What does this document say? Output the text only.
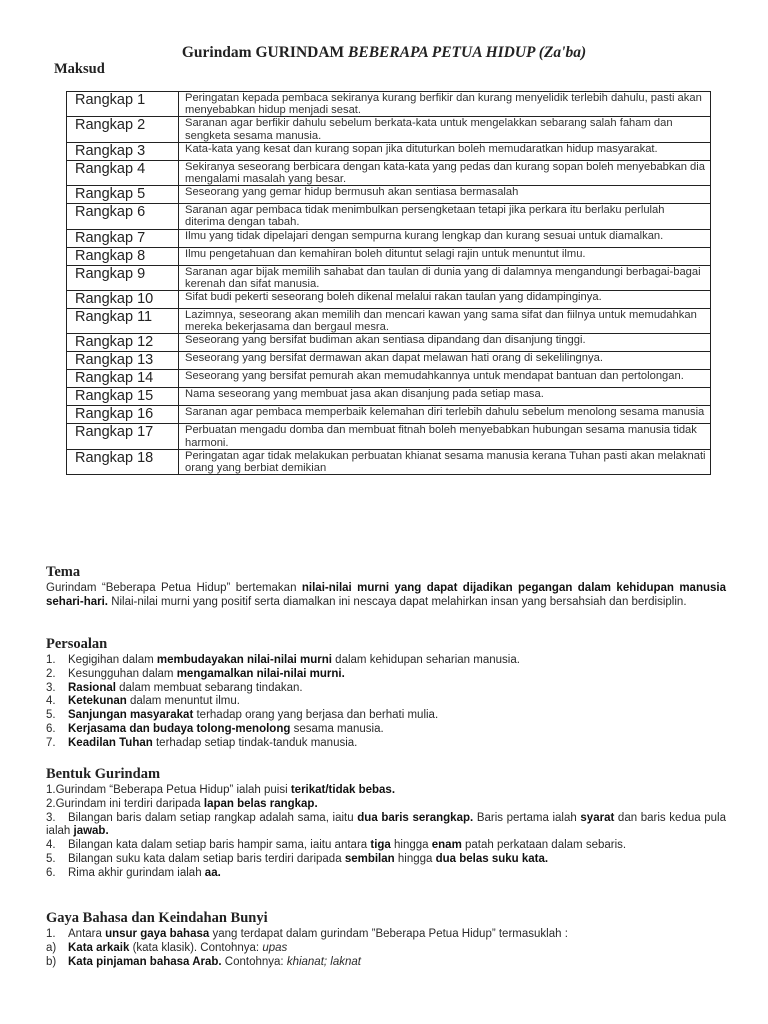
Gurindam GURINDAM BEBERAPA PETUA HIDUP (Za'ba)
Maksud
Rangkap 1	Peringatan kepada pembaca sekiranya kurang berfikir dan kurang menyelidik terlebih dahulu, pasti akan menyebabkan hidup menjadi sesat.
Rangkap 2	Saranan agar berfikir dahulu sebelum berkata-kata untuk mengelakkan sebarang salah faham dan sengketa sesama manusia.
Rangkap 3	Kata-kata yang kesat dan kurang sopan jika dituturkan boleh memudaratkan hidup masyarakat.
Rangkap 4	Sekiranya seseorang berbicara dengan kata-kata yang pedas dan kurang sopan boleh menyebabkan dia mengalami masalah yang besar.
Rangkap 5	Seseorang yang gemar hidup bermusuh akan sentiasa bermasalah
Rangkap 6	Saranan agar pembaca tidak menimbulkan persengketaan tetapi jika perkara itu berlaku perlulah diterima dengan tabah.
Rangkap 7	Ilmu yang tidak dipelajari dengan sempurna kurang lengkap dan kurang sesuai untuk diamalkan.
Rangkap 8	Ilmu pengetahuan dan kemahiran boleh dituntut selagi rajin untuk menuntut ilmu.
Rangkap 9	Saranan agar bijak memilih sahabat dan taulan di dunia yang di dalamnya mengandungi berbagai-bagai kerenah dan sifat manusia.
Rangkap 10	Sifat budi pekerti seseorang boleh dikenal melalui rakan taulan yang didampinginya.
Rangkap 11	Lazimnya, seseorang akan memilih dan mencari kawan yang sama sifat dan fiilnya untuk memudahkan mereka bekerjasama dan bergaul mesra.
Rangkap 12	Seseorang yang bersifat budiman akan sentiasa dipandang dan disanjung tinggi.
Rangkap 13	Seseorang yang bersifat dermawan akan dapat melawan hati orang di sekelilingnya.
Rangkap 14	Seseorang yang bersifat pemurah akan memudahkannya untuk mendapat bantuan dan pertolongan.
Rangkap 15	Nama seseorang yang membuat jasa akan disanjung pada setiap masa.
Rangkap 16	Saranan agar pembaca memperbaik kelemahan diri terlebih dahulu sebelum menolong sesama manusia
Rangkap 17	Perbuatan mengadu domba dan membuat fitnah boleh menyebabkan hubungan sesama manusia tidak harmoni.
Rangkap 18	Peringatan agar tidak melakukan perbuatan khianat sesama manusia kerana Tuhan pasti akan melaknati orang yang berbiat demikian
Tema

Gurindam “Beberapa Petua Hidup” bertemakan nilai-nilai murni yang dapat dijadikan pegangan dalam kehidupan manusia sehari-hari. Nilai-nilai murni yang positif serta diamalkan ini nescaya dapat melahirkan insan yang bersahsiah dan berdisiplin.

Persoalan

1. Kegigihan dalam membudayakan nilai-nilai murni dalam kehidupan seharian manusia.

2. Kesungguhan dalam mengamalkan nilai-nilai murni.

3. Rasional dalam membuat sebarang tindakan.

4. Ketekunan dalam menuntut ilmu.

5. Sanjungan masyarakat terhadap orang yang berjasa dan berhati mulia.

6. Kerjasama dan budaya tolong-menolong sesama manusia.

7. Keadilan Tuhan terhadap setiap tindak-tanduk manusia.

Bentuk Gurindam

1.Gurindam “Beberapa Petua Hidup” ialah puisi terikat/tidak bebas.

2.Gurindam ini terdiri daripada lapan belas rangkap.

3. Bilangan baris dalam setiap rangkap adalah sama, iaitu dua baris serangkap. Baris pertama ialah syarat dan baris kedua pula ialah jawab.

4. Bilangan kata dalam setiap baris hampir sama, iaitu antara tiga hingga enam patah perkataan dalam sebaris.

5. Bilangan suku kata dalam setiap baris terdiri daripada sembilan hingga dua belas suku kata.

6. Rima akhir gurindam ialah aa.

Gaya Bahasa dan Keindahan Bunyi

1. Antara unsur gaya bahasa yang terdapat dalam gurindam ”Beberapa Petua Hidup” termasuklah :

a) Kata arkaik (kata klasik). Contohnya: upas

b) Kata pinjaman bahasa Arab. Contohnya: khianat; laknat
